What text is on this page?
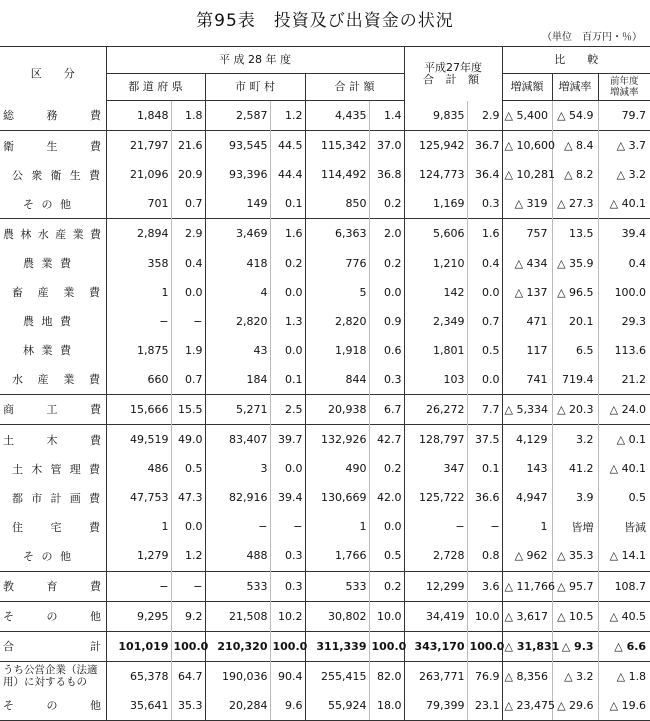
第95表　投資及び出資金の状況
（単位　百万円・％）
区　　分	平 成 28 年 度						平成27年度
合 計 額		比　　較		
	都 道 府 県		市 町 村		合 計 額				増減額	増減率	前年度
増減率

総務費	1,848	1.8	2,587	1.2	4,435	1.4	9,835	2.9	△ 5,400	△ 54.9	79.7
衛生費	21,797	21.6	93,545	44.5	115,342	37.0	125,942	36.7	△ 10,600	△ 8.4	△ 3.7
公衆衛生費	21,096	20.9	93,396	44.4	114,492	36.8	124,773	36.4	△ 10,281	△ 8.2	△ 3.2
その他	701	0.7	149	0.1	850	0.2	1,169	0.3	△ 319	△ 27.3	△ 40.1
農林水産業費	2,894	2.9	3,469	1.6	6,363	2.0	5,606	1.6	757	13.5	39.4
農業費	358	0.4	418	0.2	776	0.2	1,210	0.4	△ 434	△ 35.9	0.4
畜産業費	1	0.0	4	0.0	5	0.0	142	0.0	△ 137	△ 96.5	100.0
農地費	−	−	2,820	1.3	2,820	0.9	2,349	0.7	471	20.1	29.3
林業費	1,875	1.9	43	0.0	1,918	0.6	1,801	0.5	117	6.5	113.6
水産業費	660	0.7	184	0.1	844	0.3	103	0.0	741	719.4	21.2
商工費	15,666	15.5	5,271	2.5	20,938	6.7	26,272	7.7	△ 5,334	△ 20.3	△ 24.0
土木費	49,519	49.0	83,407	39.7	132,926	42.7	128,797	37.5	4,129	3.2	△ 0.1
土木管理費	486	0.5	3	0.0	490	0.2	347	0.1	143	41.2	△ 40.1
都市計画費	47,753	47.3	82,916	39.4	130,669	42.0	125,722	36.6	4,947	3.9	0.5
住宅費	1	0.0	−	−	1	0.0	−	−	1	皆増	皆減
その他	1,279	1.2	488	0.3	1,766	0.5	2,728	0.8	△ 962	△ 35.3	△ 14.1
教育費	−	−	533	0.3	533	0.2	12,299	3.6	△ 11,766	△ 95.7	108.7
その他	9,295	9.2	21,508	10.2	30,802	10.0	34,419	10.0	△ 3,617	△ 10.5	△ 40.5
合計	101,019	100.0	210,320	100.0	311,339	100.0	343,170	100.0	△ 31,831	△ 9.3	△ 6.6
うち公営企業（法適用）に対するもの	65,378	64.7	190,036	90.4	255,415	82.0	263,771	76.9	△ 8,356	△ 3.2	△ 1.8
その他	35,641	35.3	20,284	9.6	55,924	18.0	79,399	23.1	△ 23,475	△ 29.6	△ 19.6
